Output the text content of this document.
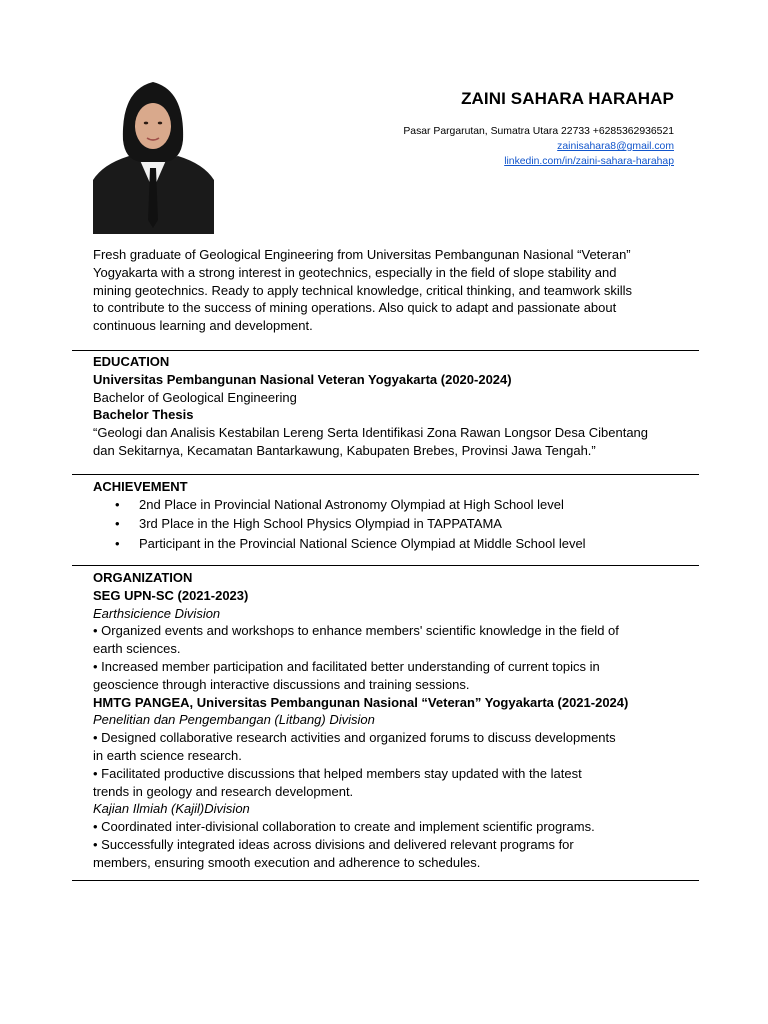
ZAINI SAHARA HARAHAP
Pasar Pargarutan, Sumatra Utara 22733 +6285362936521
zainisahara8@gmail.com
linkedin.com/in/zaini-sahara-harahap
Fresh graduate of Geological Engineering from Universitas Pembangunan Nasional “Veteran”
Yogyakarta with a strong interest in geotechnics, especially in the field of slope stability and
mining geotechnics. Ready to apply technical knowledge, critical thinking, and teamwork skills
to contribute to the success of mining operations. Also quick to adapt and passionate about
continuous learning and development.
EDUCATION
Universitas Pembangunan Nasional Veteran Yogyakarta (2020-2024)
Bachelor of Geological Engineering
Bachelor Thesis
“Geologi dan Analisis Kestabilan Lereng Serta Identifikasi Zona Rawan Longsor Desa Cibentang
dan Sekitarnya, Kecamatan Bantarkawung, Kabupaten Brebes, Provinsi Jawa Tengah.”
ACHIEVEMENT
• 2nd Place in Provincial National Astronomy Olympiad at High School level
• 3rd Place in the High School Physics Olympiad in TAPPATAMA
• Participant in the Provincial National Science Olympiad at Middle School level
ORGANIZATION
SEG UPN-SC (2021-2023)
Earthsicience Division
• Organized events and workshops to enhance members' scientific knowledge in the field of
earth sciences.
• Increased member participation and facilitated better understanding of current topics in
geoscience through interactive discussions and training sessions.
HMTG PANGEA, Universitas Pembangunan Nasional “Veteran” Yogyakarta (2021-2024)
Penelitian dan Pengembangan (Litbang) Division
• Designed collaborative research activities and organized forums to discuss developments
in earth science research.
• Facilitated productive discussions that helped members stay updated with the latest
trends in geology and research development.
Kajian Ilmiah (Kajil)Division
• Coordinated inter-divisional collaboration to create and implement scientific programs.
• Successfully integrated ideas across divisions and delivered relevant programs for
members, ensuring smooth execution and adherence to schedules.
